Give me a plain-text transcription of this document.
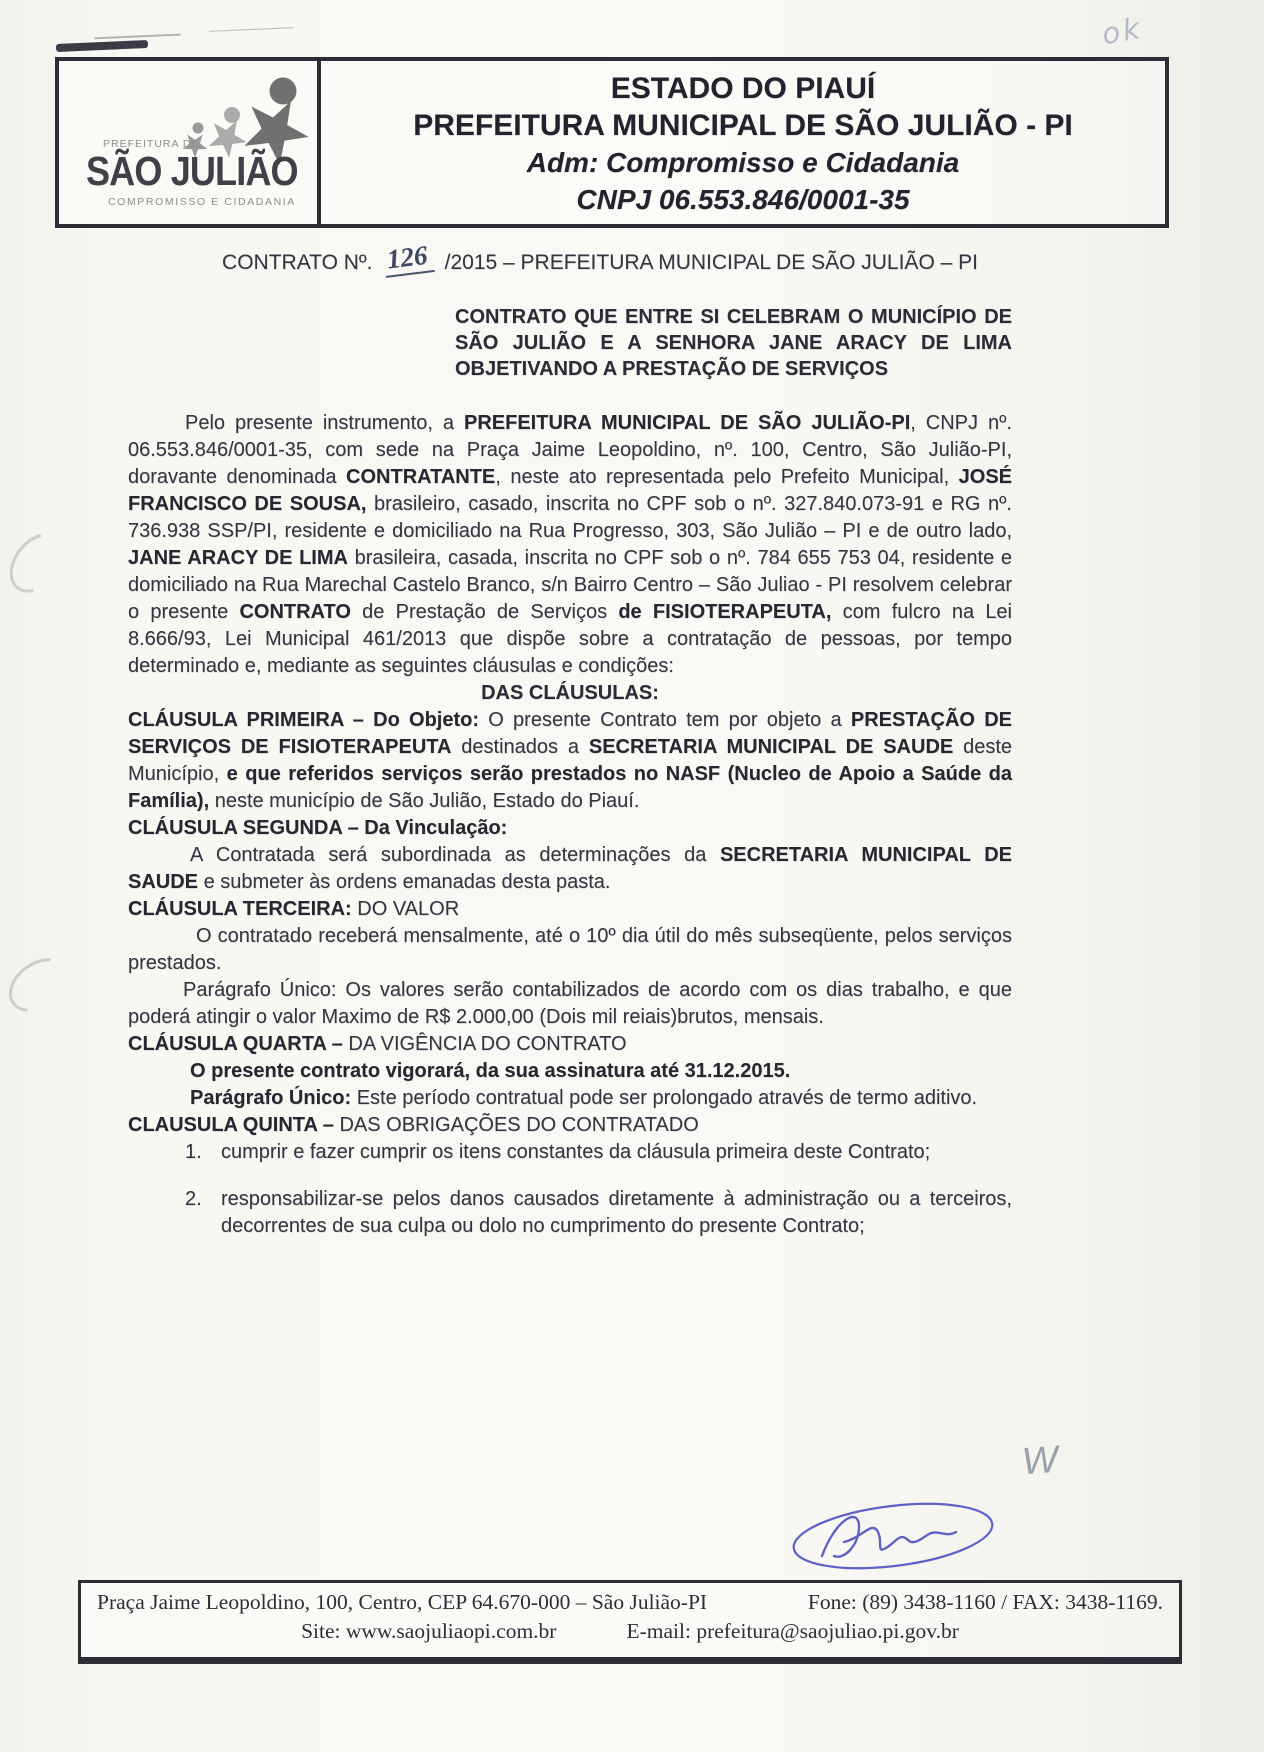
ok
W
PREFEITURA DE
SÃO JULIÃO
COMPROMISSO E CIDADANIA
ESTADO DO PIAUÍ
PREFEITURA MUNICIPAL DE SÃO JULIÃO - PI
Adm: Compromisso e Cidadania
CNPJ 06.553.846/0001-35
CONTRATO Nº. 126 /2015 – PREFEITURA MUNICIPAL DE SÃO JULIÃO – PI
CONTRATO QUE ENTRE SI CELEBRAM O MUNICÍPIO DE SÃO JULIÃO E A SENHORA JANE ARACY DE LIMA OBJETIVANDO A PRESTAÇÃO DE SERVIÇOS

Pelo presente instrumento, a PREFEITURA MUNICIPAL DE SÃO JULIÃO-PI, CNPJ nº. 06.553.846/0001-35, com sede na Praça Jaime Leopoldino, nº. 100, Centro, São Julião-PI, doravante denominada CONTRATANTE, neste ato representada pelo Prefeito Municipal, JOSÉ FRANCISCO DE SOUSA, brasileiro, casado, inscrita no CPF sob o nº. 327.840.073-91 e RG nº. 736.938 SSP/PI, residente e domiciliado na Rua Progresso, 303, São Julião – PI e de outro lado, JANE ARACY DE LIMA brasileira, casada, inscrita no CPF sob o nº. 784 655 753 04, residente e domiciliado na Rua Marechal Castelo Branco, s/n Bairro Centro – São Juliao - PI resolvem celebrar o presente CONTRATO de Prestação de Serviços de FISIOTERAPEUTA, com fulcro na Lei 8.666/93, Lei Municipal 461/2013 que dispõe sobre a contratação de pessoas, por tempo determinado e, mediante as seguintes cláusulas e condições:

DAS CLÁUSULAS:

CLÁUSULA PRIMEIRA – Do Objeto: O presente Contrato tem por objeto a PRESTAÇÃO DE SERVIÇOS DE FISIOTERAPEUTA destinados a SECRETARIA MUNICIPAL DE SAUDE deste Município, e que referidos serviços serão prestados no NASF (Nucleo de Apoio a Saúde da Família), neste município de São Julião, Estado do Piauí.

CLÁUSULA SEGUNDA – Da Vinculação:

A Contratada será subordinada as determinações da SECRETARIA MUNICIPAL DE SAUDE e submeter às ordens emanadas desta pasta.

CLÁUSULA TERCEIRA: DO VALOR

O contratado receberá mensalmente, até o 10º dia útil do mês subseqüente, pelos serviços prestados.

Parágrafo Único: Os valores serão contabilizados de acordo com os dias trabalho, e que poderá atingir o valor Maximo de R$ 2.000,00 (Dois mil reiais)brutos, mensais.

CLÁUSULA QUARTA – DA VIGÊNCIA DO CONTRATO

O presente contrato vigorará, da sua assinatura até 31.12.2015.

Parágrafo Único: Este período contratual pode ser prolongado através de termo aditivo.

CLAUSULA QUINTA – DAS OBRIGAÇÕES DO CONTRATADO

1. cumprir e fazer cumprir os itens constantes da cláusula primeira deste Contrato;
2. responsabilizar-se pelos danos causados diretamente à administração ou a terceiros, decorrentes de sua culpa ou dolo no cumprimento do presente Contrato;
Praça Jaime Leopoldino, 100, Centro, CEP 64.670-000 – São Julião-PI	Fone: (89) 3438-1160 / FAX: 3438-1169.
Site: www.saojuliaopi.com.br	E-mail: prefeitura@saojuliao.pi.gov.br
